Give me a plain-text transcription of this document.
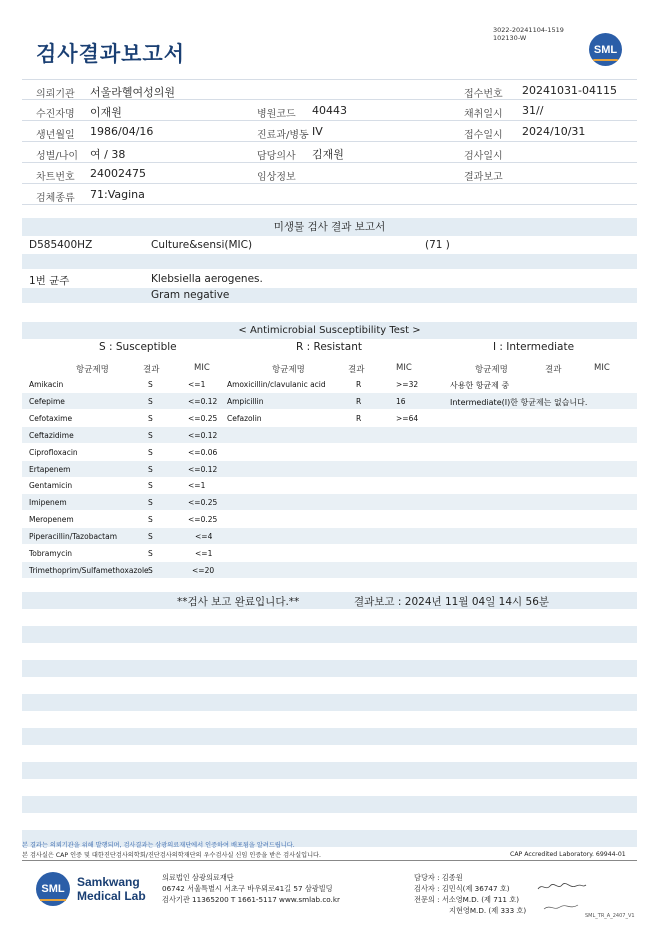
검사결과보고서
3022-20241104-1519
102130-W
SML
의뢰기관 서울라헬여성의원	접수번호 20241031-04115
수진자명 이재원	병원코드 40443	채취일시 31//
생년월일 1986/04/16	진료과/병동 IV	접수일시 2024/10/31
성별/나이 여 / 38	담당의사 김재원	검사일시
차트번호 24002475	임상정보	결과보고
검체종류 71:Vagina
미생물 검사 결과 보고서
D585400HZ	Culture&sensi(MIC)	(71 )
1번 균주	Klebsiella aerogenes.
Gram negative
< Antimicrobial Susceptibility Test >
S : Susceptible	R : Resistant	I : Intermediate
항균제명	결과	MIC	항균제명	결과	MIC	항균제명	결과	MIC
Amikacin	S	<=1	Amoxicillin/clavulanic acid	R	>=32	사용한 항균제 중
Cefepime	S	<=0.12 Ampicillin	R	16	Intermediate(I)한 항균제는 없습니다.
Cefotaxime	S	<=0.25 Cefazolin	R	>=64
Ceftazidime	S	<=0.12
Ciprofloxacin	S	<=0.06
Ertapenem	S	<=0.12
Gentamicin	S	<=1
Imipenem	S	<=0.25
Meropenem	S	<=0.25
Piperacillin/Tazobactam	S	<=4
Tobramycin	S	<=1
Trimethoprim/Sulfamethoxazole S	<=20
**검사 보고 완료입니다.**	결과보고 : 2024년 11월 04일 14시 56분
본 결과는 의뢰기관을 위해 발행되며, 검사결과는 삼광의료재단에서 인증하여 배포됨을 알려드립니다.
본 검사실은 CAP 인증 및 대한진단검사의학회/진단검사의학재단의 우수검사실 신임 인증을 받은 검사실입니다.	CAP Accredited Laboratory. 69944-01
SML	Samkwang
Medical Lab
의료법인 삼광의료재단
06742 서울특별시 서초구 바우뫼로41길 57 삼광빌딩
검사기관 11365200 T 1661-5117 www.smlab.co.kr
담당자 : 김종원
검사자 : 김민식(제 36747 호)
전문의 : 서소영M.D. (제 711 호)
지현영M.D. (제 333 호)
SML_TR_A_2407_V1
